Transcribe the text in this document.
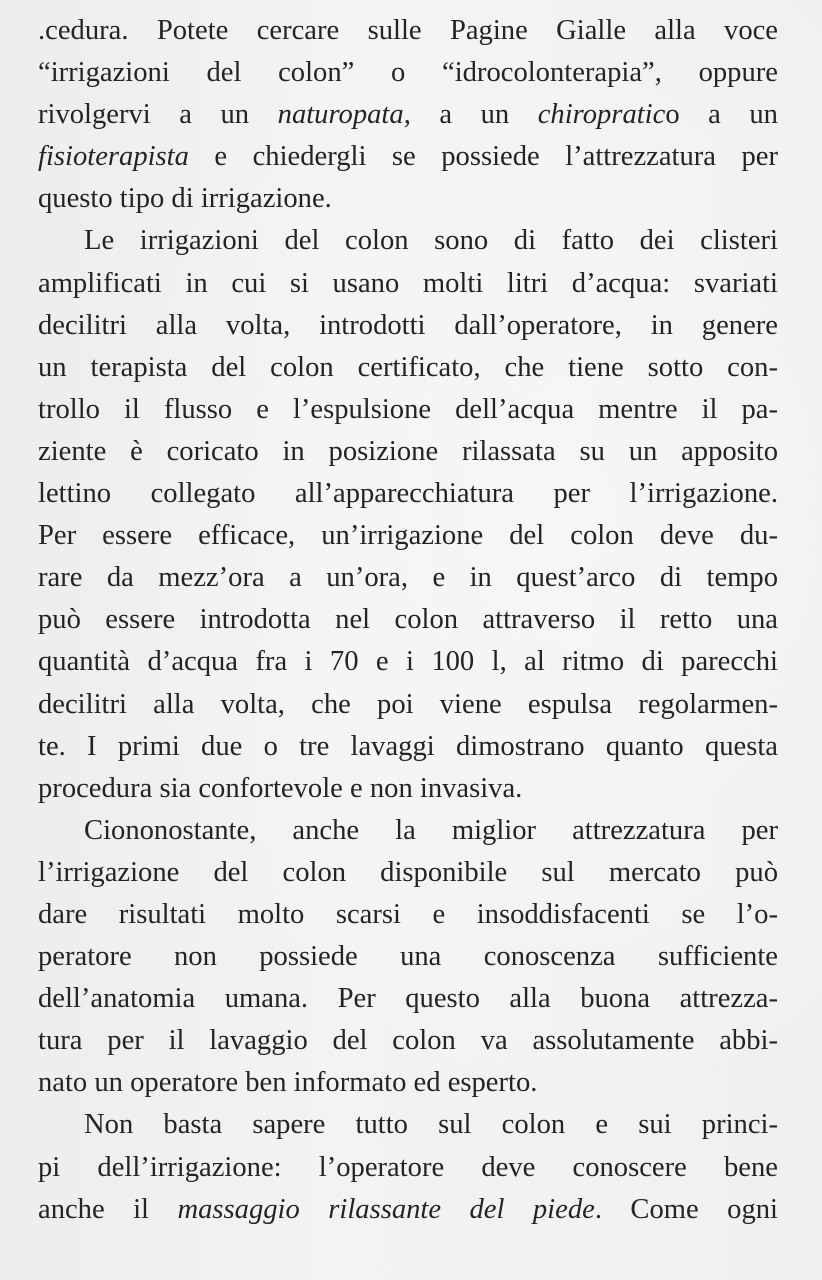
.cedura. Potete cercare sulle Pagine Gialle alla voce
“irrigazioni del colon” o “idrocolonterapia”, oppure
rivolgervi a un naturopata, a un chiropratico a un
fisioterapista e chiedergli se possiede l’attrezzatura per
questo tipo di irrigazione.
Le irrigazioni del colon sono di fatto dei clisteri
amplificati in cui si usano molti litri d’acqua: svariati
decilitri alla volta, introdotti dall’operatore, in genere
un terapista del colon certificato, che tiene sotto con-
trollo il flusso e l’espulsione dell’acqua mentre il pa-
ziente è coricato in posizione rilassata su un apposito
lettino collegato all’apparecchiatura per l’irrigazione.
Per essere efficace, un’irrigazione del colon deve du-
rare da mezz’ora a un’ora, e in quest’arco di tempo
può essere introdotta nel colon attraverso il retto una
quantità d’acqua fra i 70 e i 100 l, al ritmo di parecchi
decilitri alla volta, che poi viene espulsa regolarmen-
te. I primi due o tre lavaggi dimostrano quanto questa
procedura sia confortevole e non invasiva.
Ciononostante, anche la miglior attrezzatura per
l’irrigazione del colon disponibile sul mercato può
dare risultati molto scarsi e insoddisfacenti se l’o-
peratore non possiede una conoscenza sufficiente
dell’anatomia umana. Per questo alla buona attrezza-
tura per il lavaggio del colon va assolutamente abbi-
nato un operatore ben informato ed esperto.
Non basta sapere tutto sul colon e sui princi-
pi dell’irrigazione: l’operatore deve conoscere bene
anche il massaggio rilassante del piede. Come ogni
